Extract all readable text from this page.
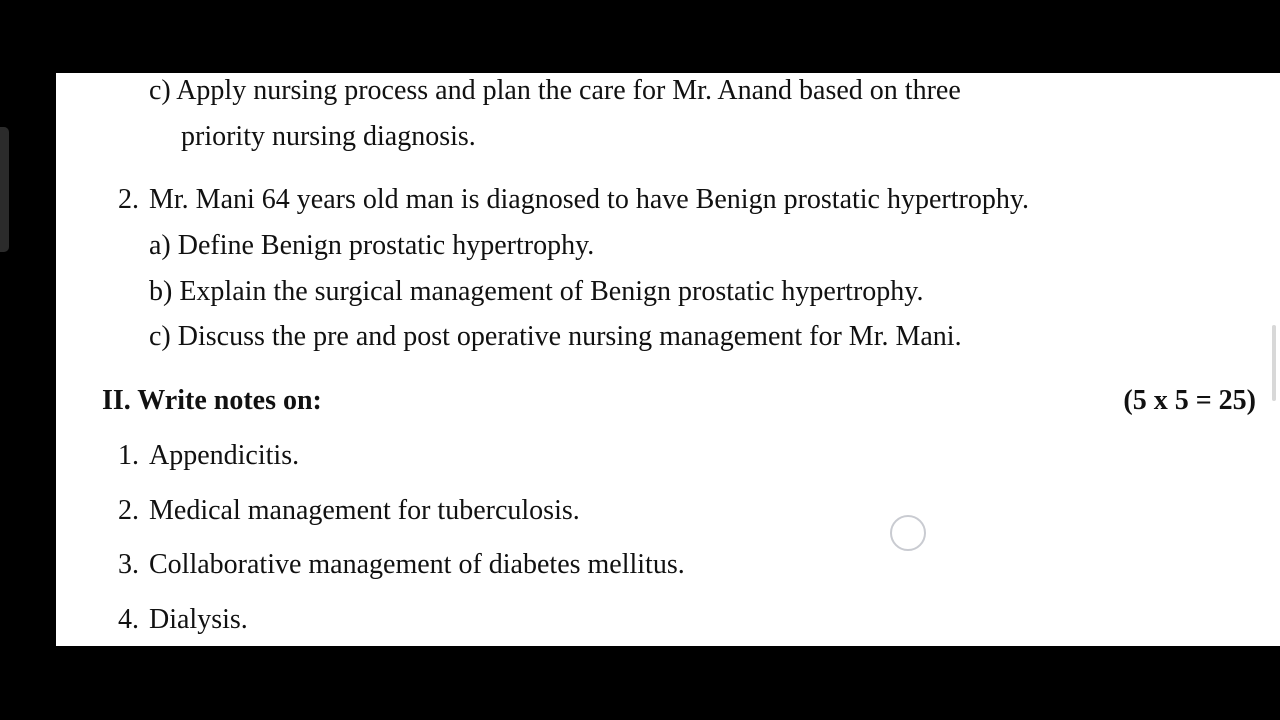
c) Apply nursing process and plan the care for Mr. Anand based on three
priority nursing diagnosis.
2. Mr. Mani 64 years old man is diagnosed to have Benign prostatic hypertrophy.
a) Define Benign prostatic hypertrophy.
b) Explain the surgical management of Benign prostatic hypertrophy.
c) Discuss the pre and post operative nursing management for Mr. Mani.
II. Write notes on:	(5 x 5 = 25)
1. Appendicitis.
2. Medical management for tuberculosis.
3. Collaborative management of diabetes mellitus.
4. Dialysis.
